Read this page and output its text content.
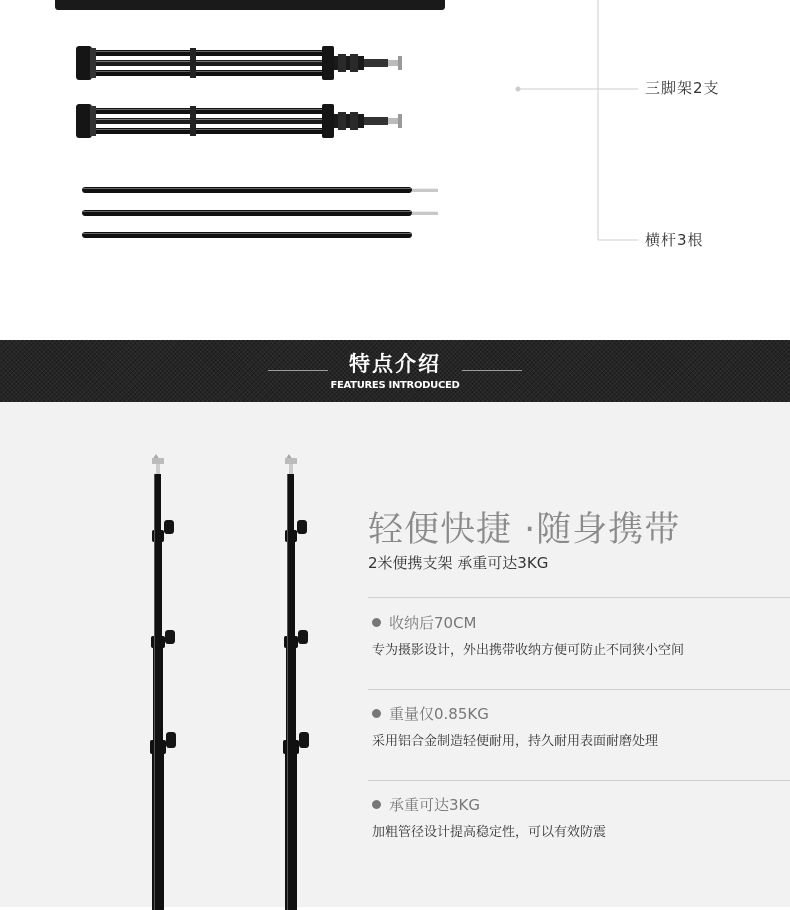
三脚架2支
横杆3根
特点介绍
FEATURES INTRODUCED
轻便快捷 ·随身携带
2米便携支架 承重可达3KG
收纳后70CM
专为摄影设计，外出携带收纳方便可防止不同狭小空间
重量仅0.85KG
采用铝合金制造轻便耐用，持久耐用表面耐磨处理
承重可达3KG
加粗管径设计提高稳定性，可以有效防震
